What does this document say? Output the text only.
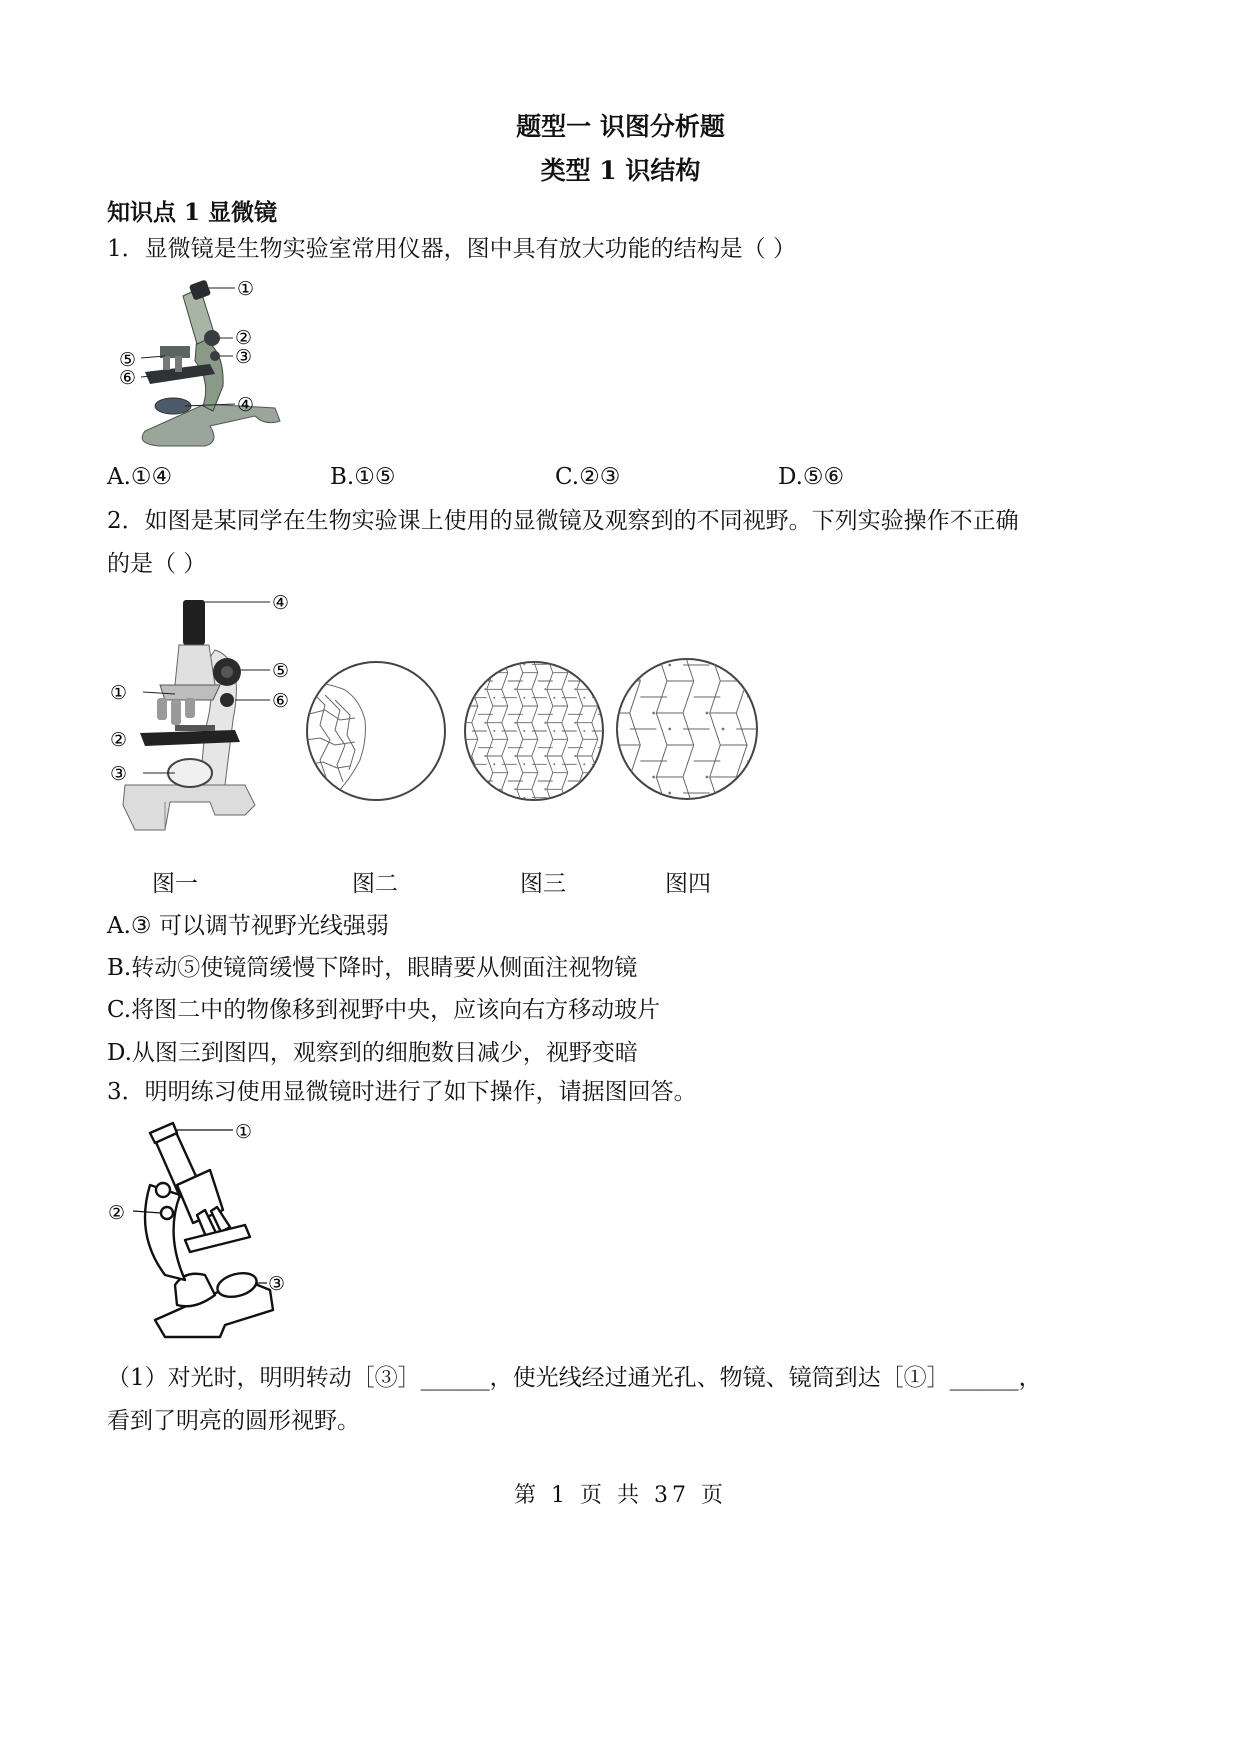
题型一 识图分析题
类型 1 识结构
知识点 1 显微镜
1．显微镜是生物实验室常用仪器，图中具有放大功能的结构是（ ）
①
②
③
⑤
⑥
④
A.①④	B.①⑤	C.②③	D.⑤⑥
2．如图是某同学在生物实验课上使用的显微镜及观察到的不同视野。下列实验操作不正确
的是（ ）
④
⑤
①	⑥
②
③
图一	图二	图三	图四
A.③ 可以调节视野光线强弱
B.转动⑤使镜筒缓慢下降时，眼睛要从侧面注视物镜
C.将图二中的物像移到视野中央，应该向右方移动玻片
D.从图三到图四，观察到的细胞数目减少，视野变暗
3．明明练习使用显微镜时进行了如下操作，请据图回答。
①
②
③
（1）对光时，明明转动［③］______，使光线经过通光孔、物镜、镜筒到达［①］______，
看到了明亮的圆形视野。
第 1 页 共 37 页
